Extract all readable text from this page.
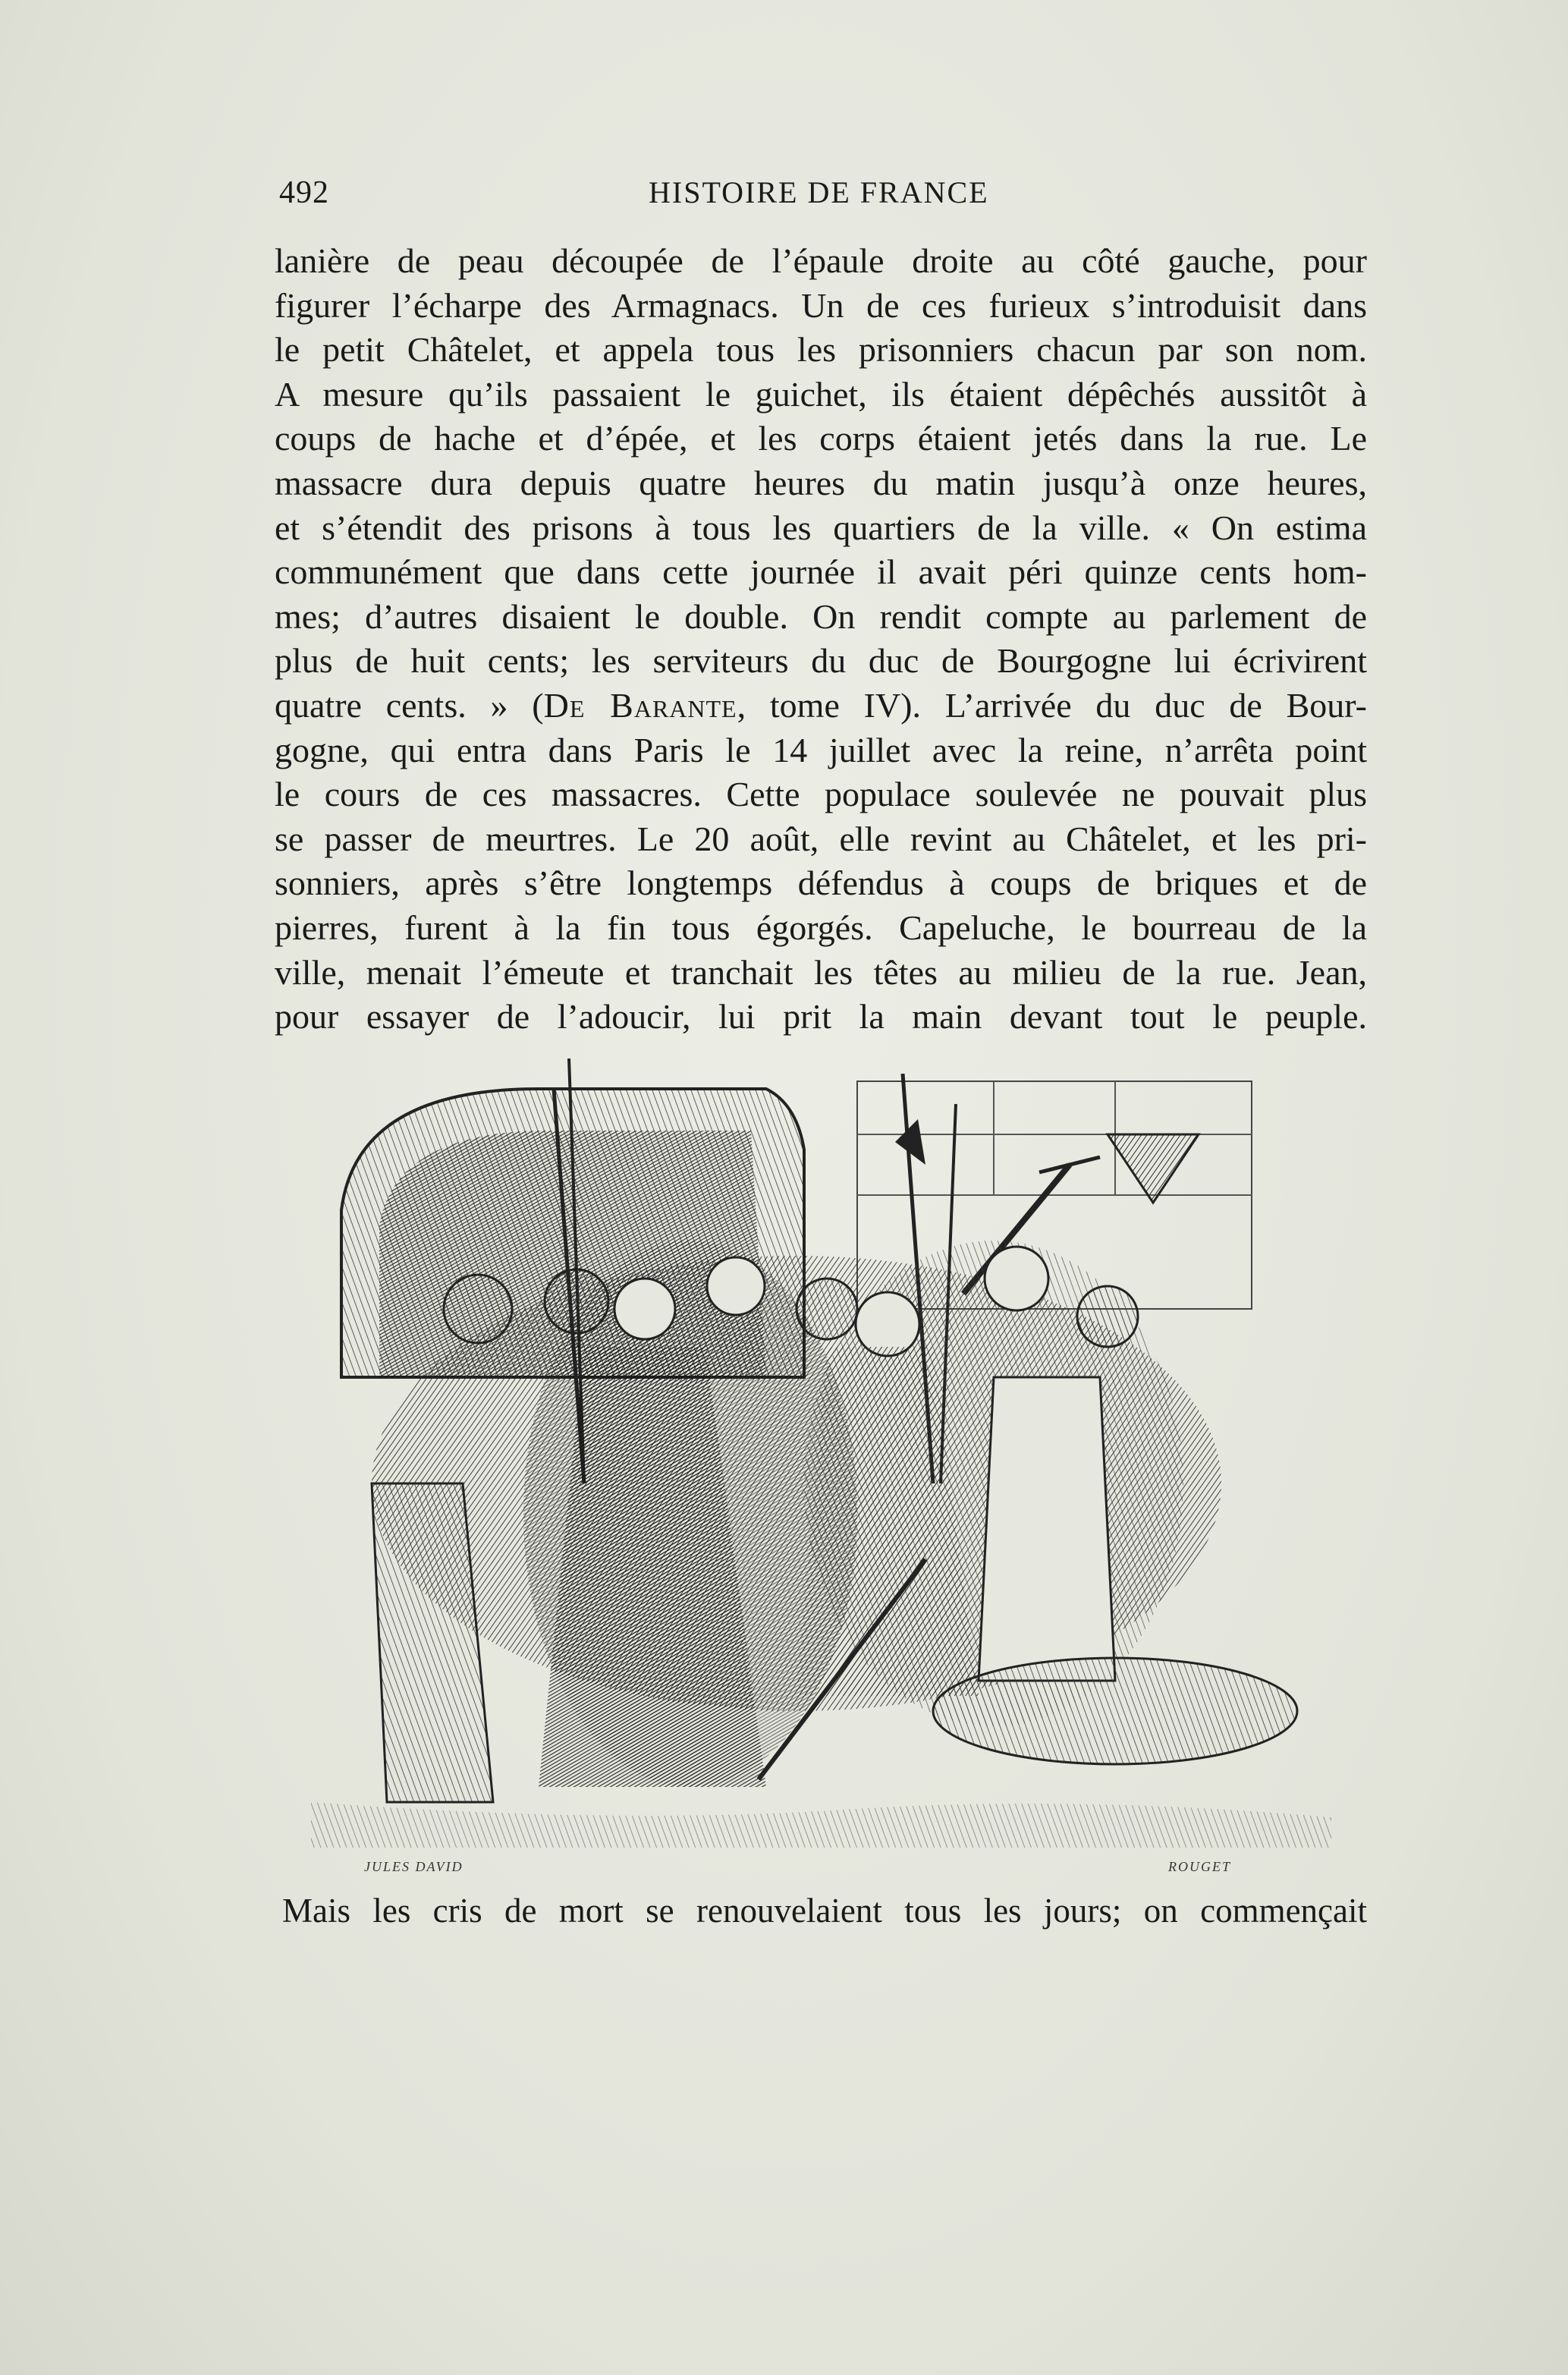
492	HISTOIRE DE FRANCE
lanière de peau découpée de l’épaule droite au côté gauche, pour
figurer l’écharpe des Armagnacs. Un de ces furieux s’introduisit dans
le petit Châtelet, et appela tous les prisonniers chacun par son nom.
A mesure qu’ils passaient le guichet, ils étaient dépêchés aussitôt à
coups de hache et d’épée, et les corps étaient jetés dans la rue. Le
massacre dura depuis quatre heures du matin jusqu’à onze heures,
et s’étendit des prisons à tous les quartiers de la ville. « On estima
communément que dans cette journée il avait péri quinze cents hom-
mes; d’autres disaient le double. On rendit compte au parlement de
plus de huit cents; les serviteurs du duc de Bourgogne lui écrivirent
quatre cents. » (De Barante, tome IV). L’arrivée du duc de Bour-
gogne, qui entra dans Paris le 14 juillet avec la reine, n’arrêta point
le cours de ces massacres. Cette populace soulevée ne pouvait plus
se passer de meurtres. Le 20 août, elle revint au Châtelet, et les pri-
sonniers, après s’être longtemps défendus à coups de briques et de
pierres, furent à la fin tous égorgés. Capeluche, le bourreau de la
ville, menait l’émeute et tranchait les têtes au milieu de la rue. Jean,
pour essayer de l’adoucir, lui prit la main devant tout le peuple.
JULES DAVID	ROUGET
Mais les cris de mort se renouvelaient tous les jours; on commençait
